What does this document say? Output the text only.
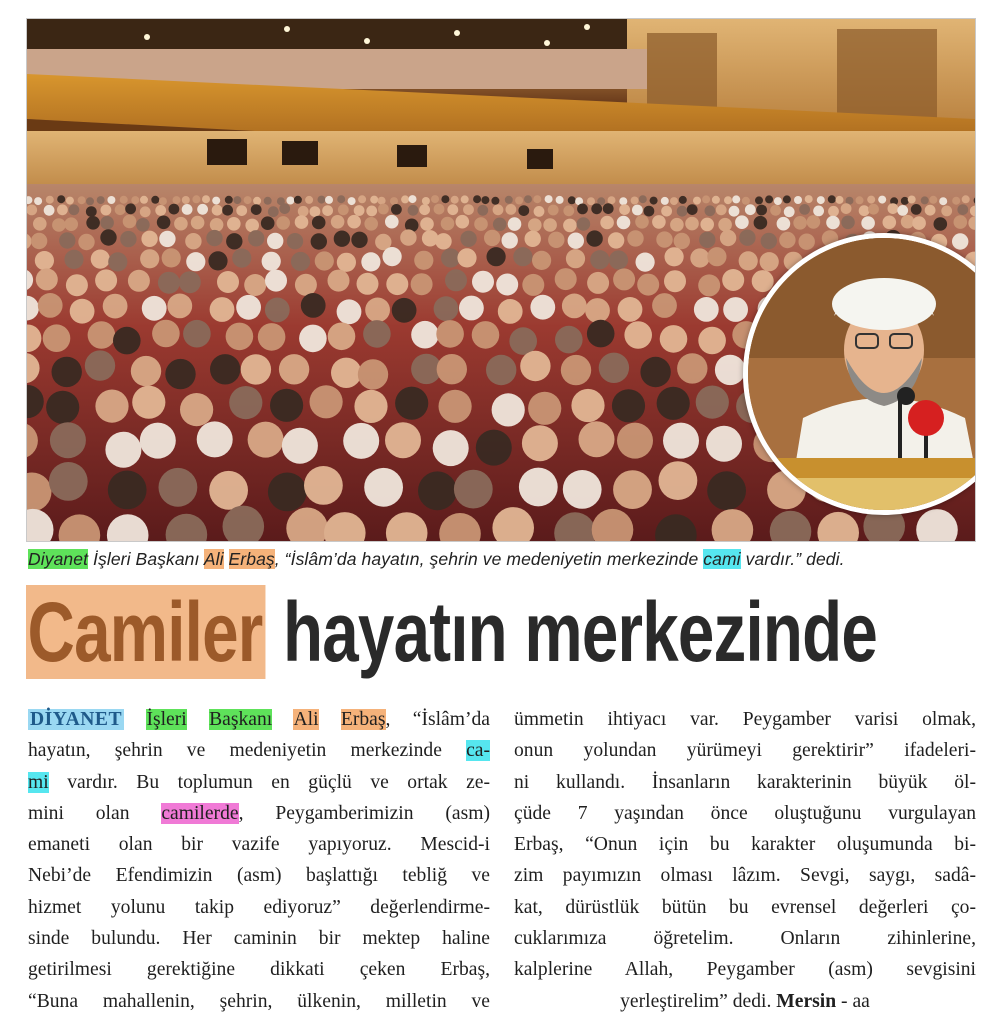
Diyanet İşleri Başkanı Ali Erbaş, “İslâm’da hayatın, şehrin ve medeniyetin merkezinde cami vardır.” dedi.
Camiler hayatın merkezinde
DİYANET İşleri Başkanı Ali Erbaş, “İslâm’da
hayatın, şehrin ve medeniyetin merkezinde ca-
mi vardır. Bu toplumun en güçlü ve ortak ze-
mini olan camilerde, Peygamberimizin (asm)
emaneti olan bir vazife yapıyoruz. Mescid-i
Nebi’de Efendimizin (asm) başlattığı tebliğ ve
hizmet yolunu takip ediyoruz” değerlendirme-
sinde bulundu. Her caminin bir mektep haline
getirilmesi gerektiğine dikkati çeken Erbaş,
“Buna mahallenin, şehrin, ülkenin, milletin ve
ümmetin ihtiyacı var. Peygamber varisi olmak,
onun yolundan yürümeyi gerektirir” ifadeleri-
ni kullandı. İnsanların karakterinin büyük öl-
çüde 7 yaşından önce oluştuğunu vurgulayan
Erbaş, “Onun için bu karakter oluşumunda bi-
zim payımızın olması lâzım. Sevgi, saygı, sadâ-
kat, dürüstlük bütün bu evrensel değerleri ço-
cuklarımıza öğretelim. Onların zihinlerine,
kalplerine Allah, Peygamber (asm) sevgisini
yerleştirelim” dedi. Mersin - aa
